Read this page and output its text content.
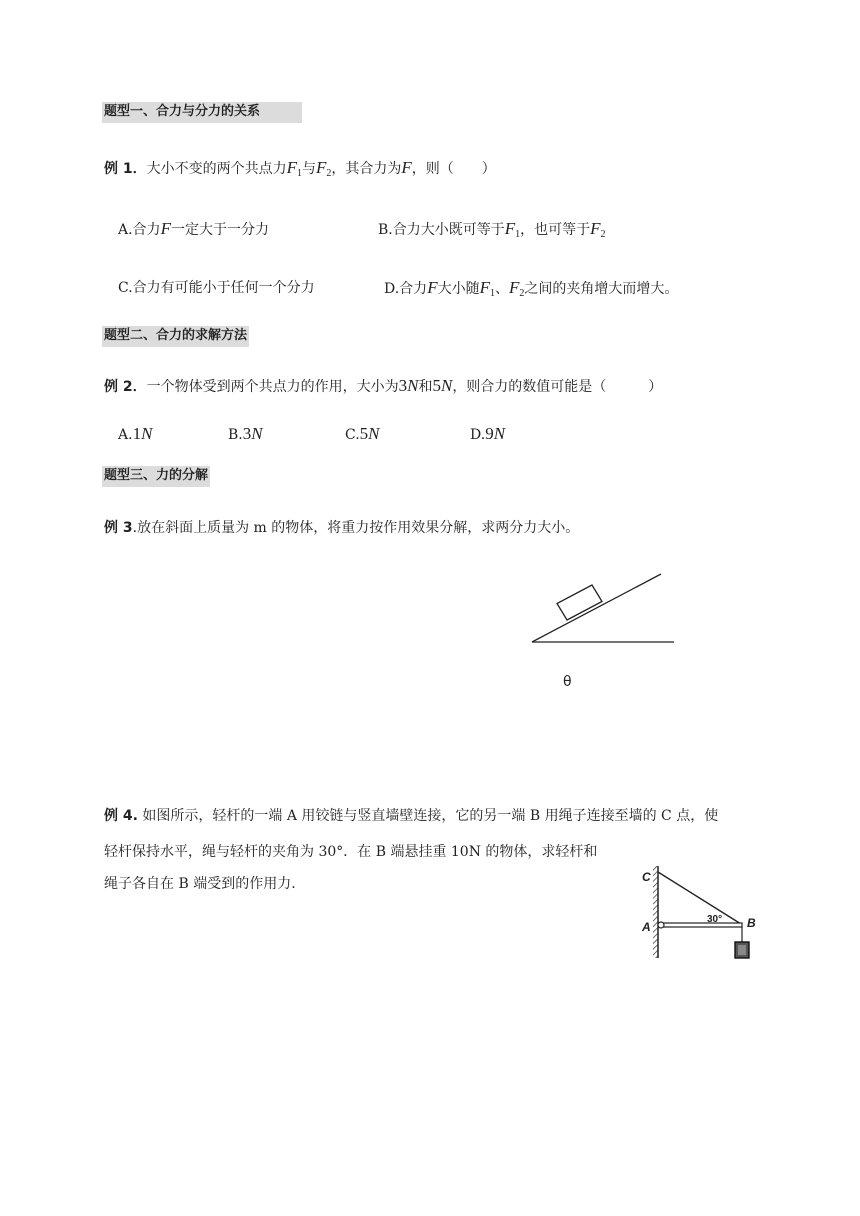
题型一、合力与分力的关系
例 1．大小不变的两个共点力$F_1$与$F_2$，其合力为F，则（　　）
A.合力F一定大于一分力	B.合力大小既可等于$F_1$，也可等于$F_2$
C.合力有可能小于任何一个分力	D.合力F大小随$F_1$、$F_2$之间的夹角增大而增大。
题型二、合力的求解方法
例 2．一个物体受到两个共点力的作用，大小为3N和5N，则合力的数值可能是（　　　）
A.1N	B.3N	C.5N	D.9N
题型三、力的分解
例 3.放在斜面上质量为 m 的物体，将重力按作用效果分解，求两分力大小。
θ
例 4. 如图所示，轻杆的一端 A 用铰链与竖直墙壁连接，它的另一端 B 用绳子连接至墙的 C 点，使
轻杆保持水平，绳与轻杆的夹角为 30°．在 B 端悬挂重 10N 的物体，求轻杆和
绳子各自在 B 端受到的作用力.	C
A	B
30°
